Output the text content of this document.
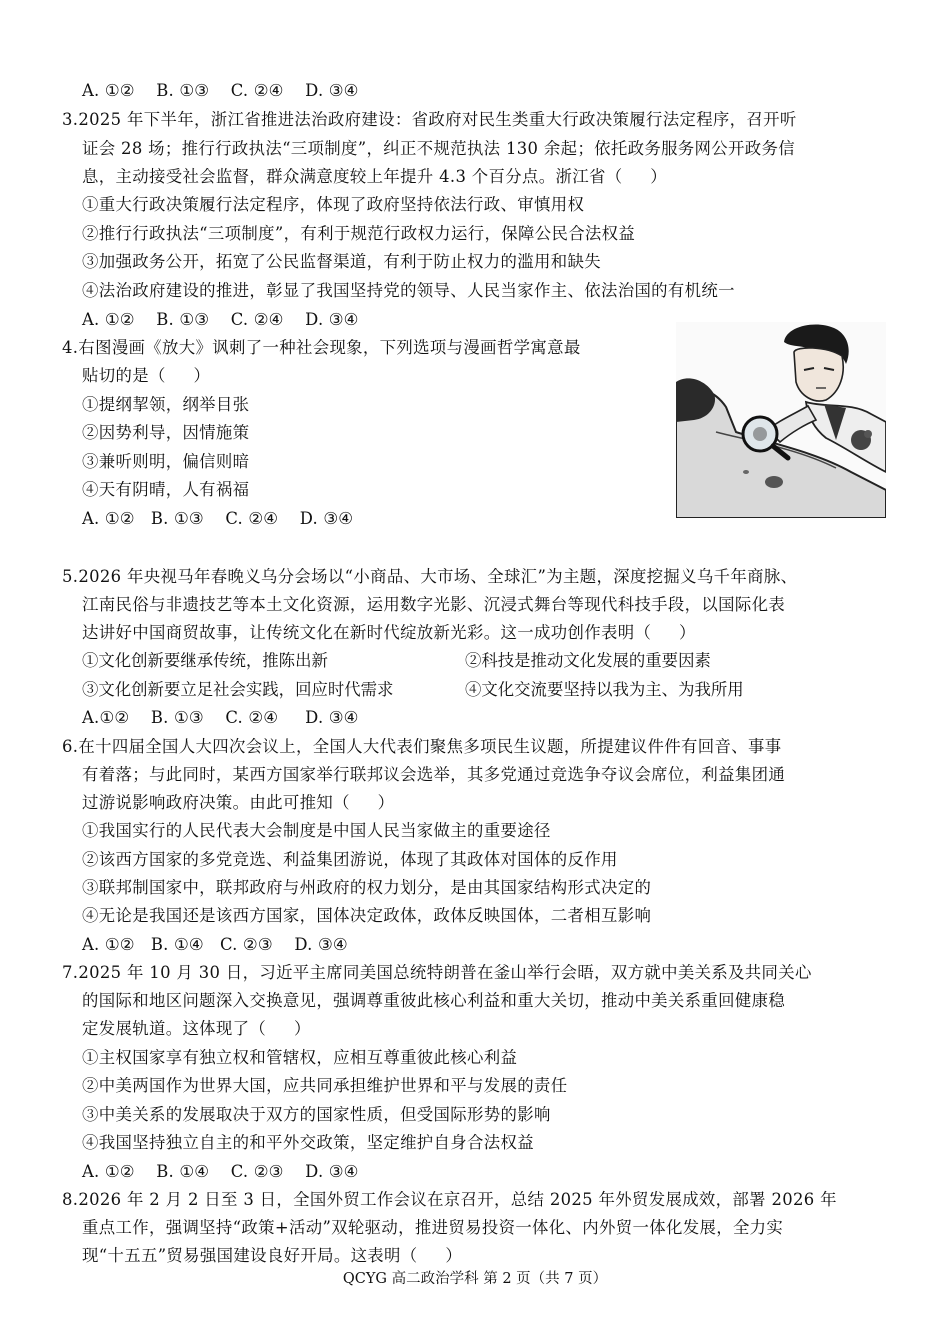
A. ①②    B. ①③    C. ②④    D. ③④
3.2025 年下半年，浙江省推进法治政府建设：省政府对民生类重大行政决策履行法定程序，召开听
证会 28 场；推行行政执法“三项制度”，纠正不规范执法 130 余起；依托政务服务网公开政务信
息，主动接受社会监督，群众满意度较上年提升 4.3 个百分点。浙江省（     ）
①重大行政决策履行法定程序，体现了政府坚持依法行政、审慎用权
②推行行政执法“三项制度”，有利于规范行政权力运行，保障公民合法权益
③加强政务公开，拓宽了公民监督渠道，有利于防止权力的滥用和缺失
④法治政府建设的推进，彰显了我国坚持党的领导、人民当家作主、依法治国的有机统一
A. ①②    B. ①③    C. ②④    D. ③④
4.右图漫画《放大》讽刺了一种社会现象，下列选项与漫画哲学寓意最
贴切的是（     ）
①提纲挈领，纲举目张
②因势利导，因情施策
③兼听则明，偏信则暗
④天有阴晴，人有祸福
A. ①②   B. ①③    C. ②④    D. ③④
5.2026 年央视马年春晚义乌分会场以“小商品、大市场、全球汇”为主题，深度挖掘义乌千年商脉、
江南民俗与非遗技艺等本土文化资源，运用数字光影、沉浸式舞台等现代科技手段，以国际化表
达讲好中国商贸故事，让传统文化在新时代绽放新光彩。这一成功创作表明（     ）
①文化创新要继承传统，推陈出新	②科技是推动文化发展的重要因素
③文化创新要立足社会实践，回应时代需求	④文化交流要坚持以我为主、为我所用
A.①②    B. ①③    C. ②④     D. ③④
6.在十四届全国人大四次会议上，全国人大代表们聚焦多项民生议题，所提建议件件有回音、事事
有着落；与此同时，某西方国家举行联邦议会选举，其多党通过竞选争夺议会席位，利益集团通
过游说影响政府决策。由此可推知（     ）
①我国实行的人民代表大会制度是中国人民当家做主的重要途径
②该西方国家的多党竞选、利益集团游说，体现了其政体对国体的反作用
③联邦制国家中，联邦政府与州政府的权力划分，是由其国家结构形式决定的
④无论是我国还是该西方国家，国体决定政体，政体反映国体，二者相互影响
A. ①②   B. ①④   C. ②③    D. ③④
7.2025 年 10 月 30 日，习近平主席同美国总统特朗普在釜山举行会晤，双方就中美关系及共同关心
的国际和地区问题深入交换意见，强调尊重彼此核心利益和重大关切，推动中美关系重回健康稳
定发展轨道。这体现了（     ）
①主权国家享有独立权和管辖权，应相互尊重彼此核心利益
②中美两国作为世界大国，应共同承担维护世界和平与发展的责任
③中美关系的发展取决于双方的国家性质，但受国际形势的影响
④我国坚持独立自主的和平外交政策，坚定维护自身合法权益
A. ①②    B. ①④    C. ②③    D. ③④
8.2026 年 2 月 2 日至 3 日，全国外贸工作会议在京召开，总结 2025 年外贸发展成效，部署 2026 年
重点工作，强调坚持“政策+活动”双轮驱动，推进贸易投资一体化、内外贸一体化发展，全力实
现“十五五”贸易强国建设良好开局。这表明（     ）
QCYG 高二政治学科 第 2 页（共 7 页）
